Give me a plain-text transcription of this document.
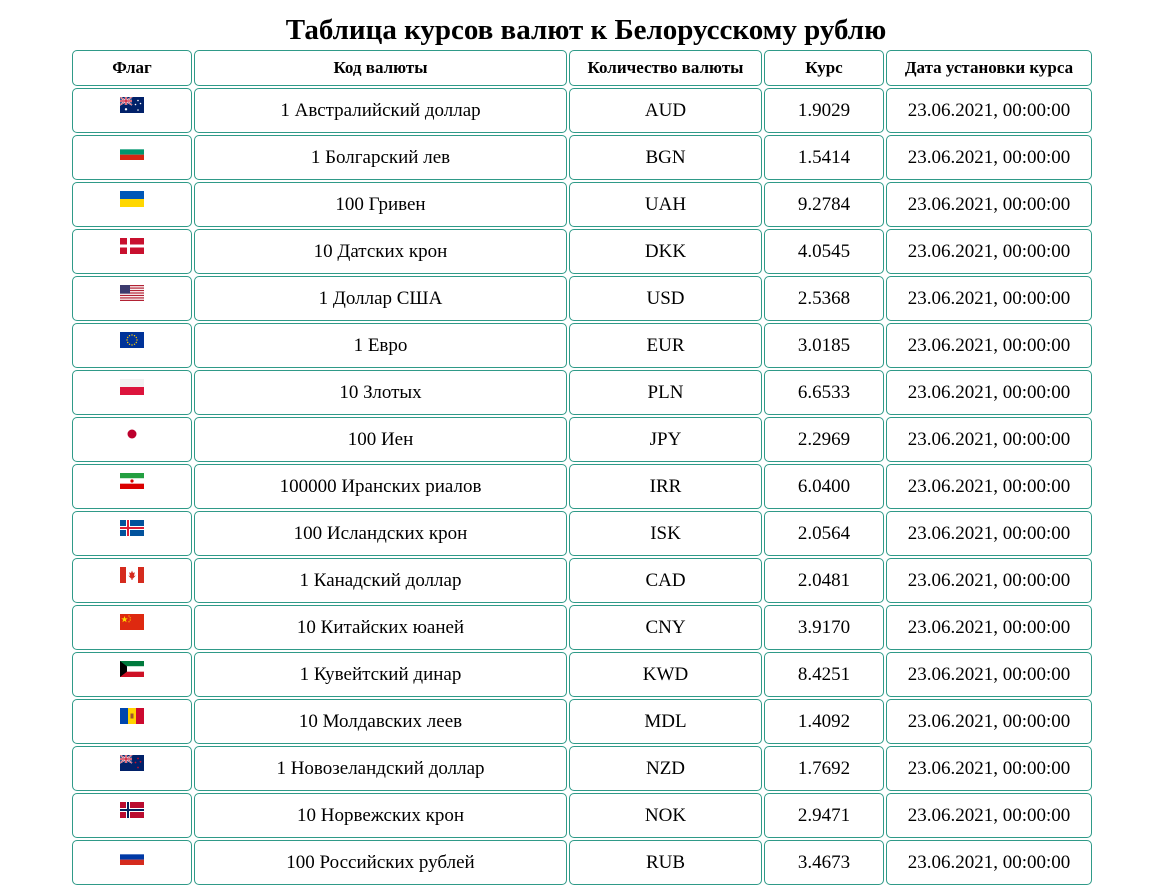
Таблица курсов валют к Белорусскому рублю
Флаг	Код валюты	Количество валюты	Курс	Дата установки курса

	1 Австралийский доллар	AUD	1.9029	23.06.2021, 00:00:00

	1 Болгарский лев	BGN	1.5414	23.06.2021, 00:00:00

	100 Гривен	UAH	9.2784	23.06.2021, 00:00:00

	10 Датских крон	DKK	4.0545	23.06.2021, 00:00:00

	1 Доллар США	USD	2.5368	23.06.2021, 00:00:00

	1 Евро	EUR	3.0185	23.06.2021, 00:00:00

	10 Злотых	PLN	6.6533	23.06.2021, 00:00:00

	100 Иен	JPY	2.2969	23.06.2021, 00:00:00

	100000 Иранских риалов	IRR	6.0400	23.06.2021, 00:00:00

	100 Исландских крон	ISK	2.0564	23.06.2021, 00:00:00

	1 Канадский доллар	CAD	2.0481	23.06.2021, 00:00:00

	10 Китайских юаней	CNY	3.9170	23.06.2021, 00:00:00

	1 Кувейтский динар	KWD	8.4251	23.06.2021, 00:00:00

	10 Молдавских леев	MDL	1.4092	23.06.2021, 00:00:00

	1 Новозеландский доллар	NZD	1.7692	23.06.2021, 00:00:00

	10 Норвежских крон	NOK	2.9471	23.06.2021, 00:00:00

	100 Российских рублей	RUB	3.4673	23.06.2021, 00:00:00
